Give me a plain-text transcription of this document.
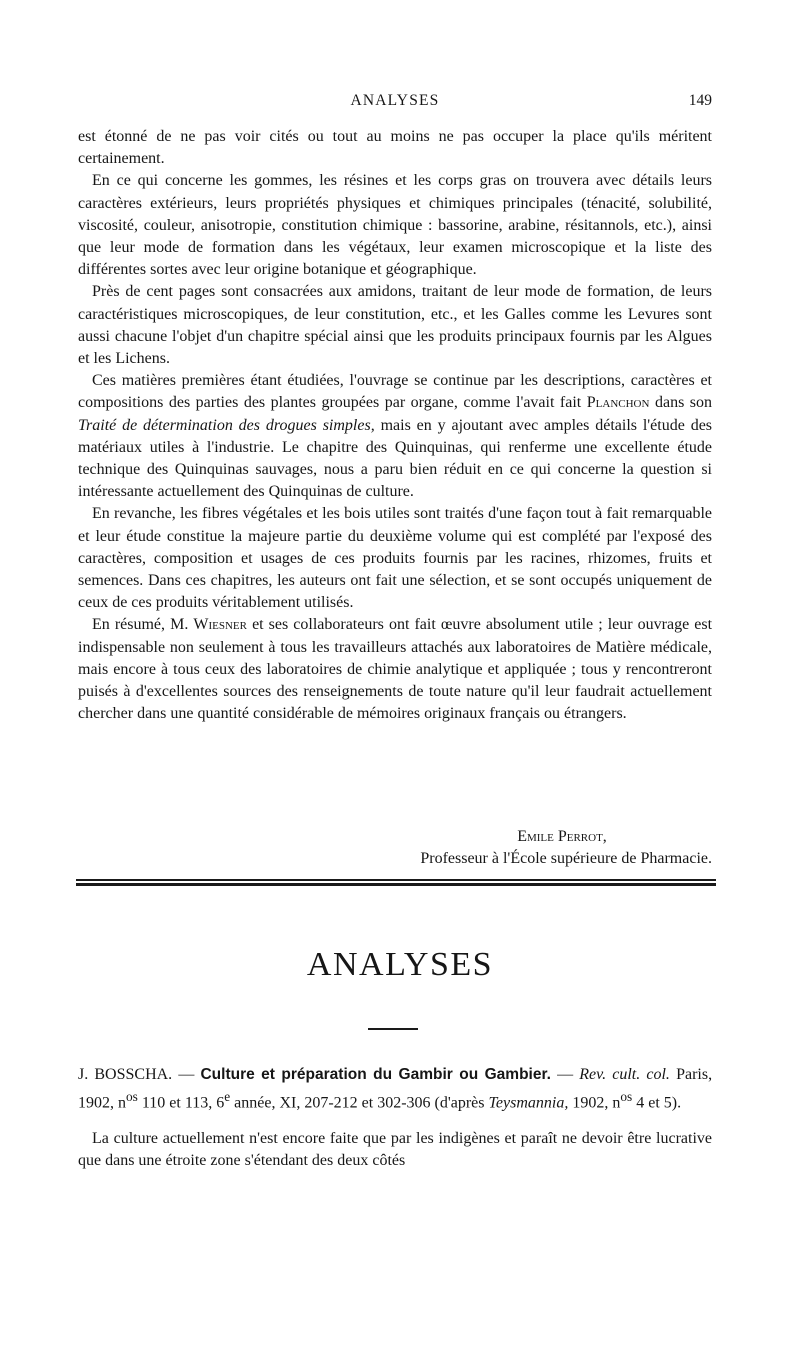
ANALYSES	149

est étonné de ne pas voir cités ou tout au moins ne pas occuper la place qu'ils méritent certainement.

En ce qui concerne les gommes, les résines et les corps gras on trouvera avec détails leurs caractères extérieurs, leurs propriétés physiques et chimiques principales (ténacité, solubilité, viscosité, couleur, anisotropie, constitution chimique : bassorine, arabine, résitannols, etc.), ainsi que leur mode de formation dans les végétaux, leur examen microscopique et la liste des différentes sortes avec leur origine botanique et géographique.

Près de cent pages sont consacrées aux amidons, traitant de leur mode de formation, de leurs caractéristiques microscopiques, de leur constitution, etc., et les Galles comme les Levures sont aussi chacune l'objet d'un chapitre spécial ainsi que les produits principaux fournis par les Algues et les Lichens.

Ces matières premières étant étudiées, l'ouvrage se continue par les descriptions, caractères et compositions des parties des plantes groupées par organe, comme l'avait fait Planchon dans son Traité de détermination des drogues simples, mais en y ajoutant avec amples détails l'étude des matériaux utiles à l'industrie. Le chapitre des Quinquinas, qui renferme une excellente étude technique des Quinquinas sauvages, nous a paru bien réduit en ce qui concerne la question si intéressante actuellement des Quinquinas de culture.

En revanche, les fibres végétales et les bois utiles sont traités d'une façon tout à fait remarquable et leur étude constitue la majeure partie du deuxième volume qui est complété par l'exposé des caractères, composition et usages de ces produits fournis par les racines, rhizomes, fruits et semences. Dans ces chapitres, les auteurs ont fait une sélection, et se sont occupés uniquement de ceux de ces produits véritablement utilisés.

En résumé, M. Wiesner et ses collaborateurs ont fait œuvre absolument utile ; leur ouvrage est indispensable non seulement à tous les travailleurs attachés aux laboratoires de Matière médicale, mais encore à tous ceux des laboratoires de chimie analytique et appliquée ; tous y rencontreront puisés à d'excellentes sources des renseignements de toute nature qu'il leur faudrait actuellement chercher dans une quantité considérable de mémoires originaux français ou étrangers.

Emile Perrot,
Professeur à l'École supérieure de Pharmacie.
ANALYSES

J. BOSSCHA. — Culture et préparation du Gambir ou Gambier. — Rev. cult. col. Paris, 1902, $n^{os}$ 110 et 113, 6e année, XI, 207-212 et 302-306 (d'après Teysmannia, 1902, $n^{os}$ 4 et 5).

La culture actuellement n'est encore faite que par les indigènes et paraît ne devoir être lucrative que dans une étroite zone s'étendant des deux côtés
